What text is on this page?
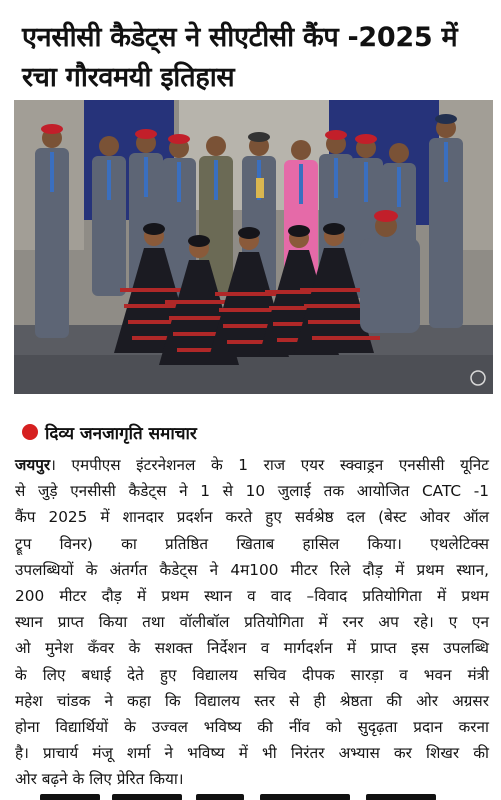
एनसीसी कैडेट्स ने सीएटीसी कैंप -2025 में
रचा गौरवमयी इतिहास
दिव्य जनजागृति समाचार
जयपुर। एमपीएस इंटरनेशनल के 1 राज एयर स्क्वाड्रन एनसीसी यूनिट
से जुड़े एनसीसी कैडेट्स ने 1 से 10 जुलाई तक आयोजित CATC -1
कैंप 2025 में शानदार प्रदर्शन करते हुए सर्वश्रेष्ठ दल (बेस्ट ओवर ऑल
ट्रूप विनर) का प्रतिष्ठित खिताब हासिल किया। एथलेटिक्स
उपलब्धियों के अंतर्गत कैडेट्स ने 4म100 मीटर रिले दौड़ में प्रथम स्थान,
200 मीटर दौड़ में प्रथम स्थान व वाद –विवाद प्रतियोगिता में प्रथम
स्थान प्राप्त किया तथा वॉलीबॉल प्रतियोगिता में रनर अप रहे। ए एन
ओ मुनेश कँवर के सशक्त निर्देशन व मार्गदर्शन में प्राप्त इस उपलब्धि
के लिए बधाई देते हुए विद्यालय सचिव दीपक सारड़ा व भवन मंत्री
महेश चांडक ने कहा कि विद्यालय स्तर से ही श्रेष्ठता की ओर अग्रसर
होना विद्यार्थियों के उज्वल भविष्य की नींव को सुदृढ़ता प्रदान करना
है। प्राचार्य मंजू शर्मा ने भविष्य में भी निरंतर अभ्यास कर शिखर की
ओर बढ़ने के लिए प्रेरित किया।
